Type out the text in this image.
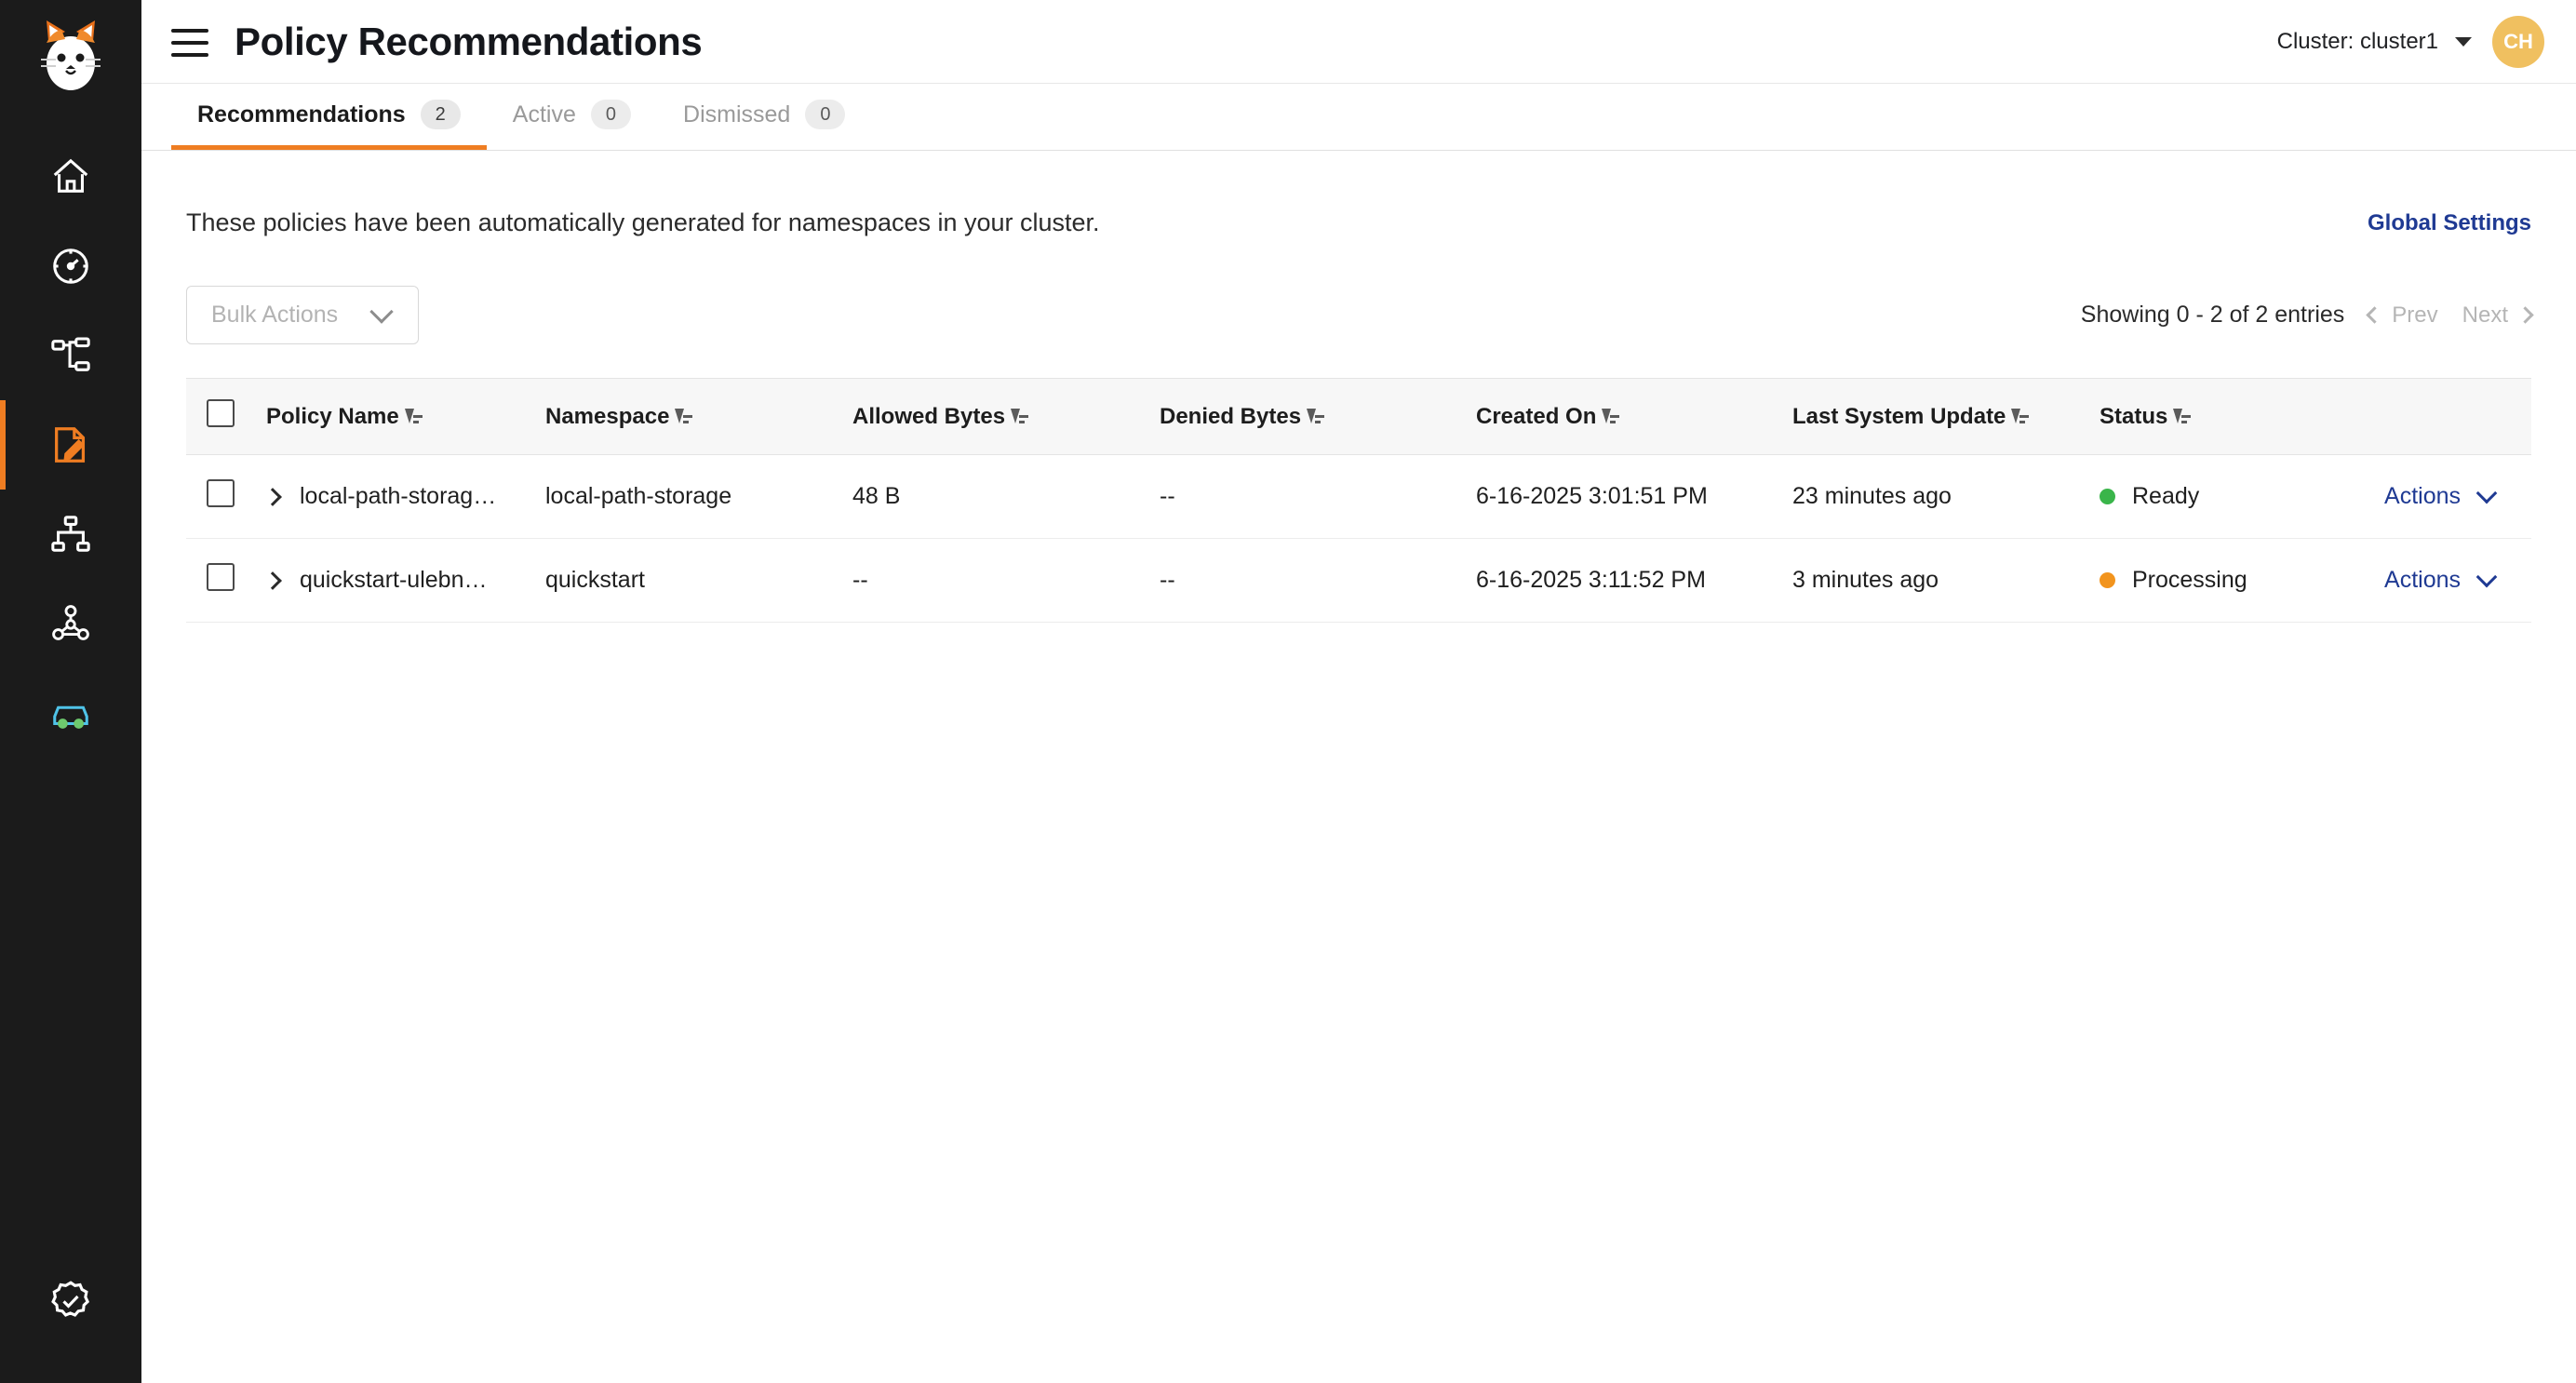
Policy Recommendations	Cluster: cluster1	CH
Recommendations	2	Active	0	Dismissed	0
These policies have been automatically generated for namespaces in your cluster.	Global Settings
Bulk Actions	Showing 0 - 2 of 2 entries Prev Next

	Policy Name	Namespace	Allowed Bytes	Denied Bytes	Created On	Last System Update	Status	

	local-path-storag…	local-path-storage	48 B	--	6-16-2025 3:01:51 PM	23 minutes ago	Ready	Actions

	quickstart-ulebn…	quickstart	--	--	6-16-2025 3:11:52 PM	3 minutes ago	Processing	Actions
